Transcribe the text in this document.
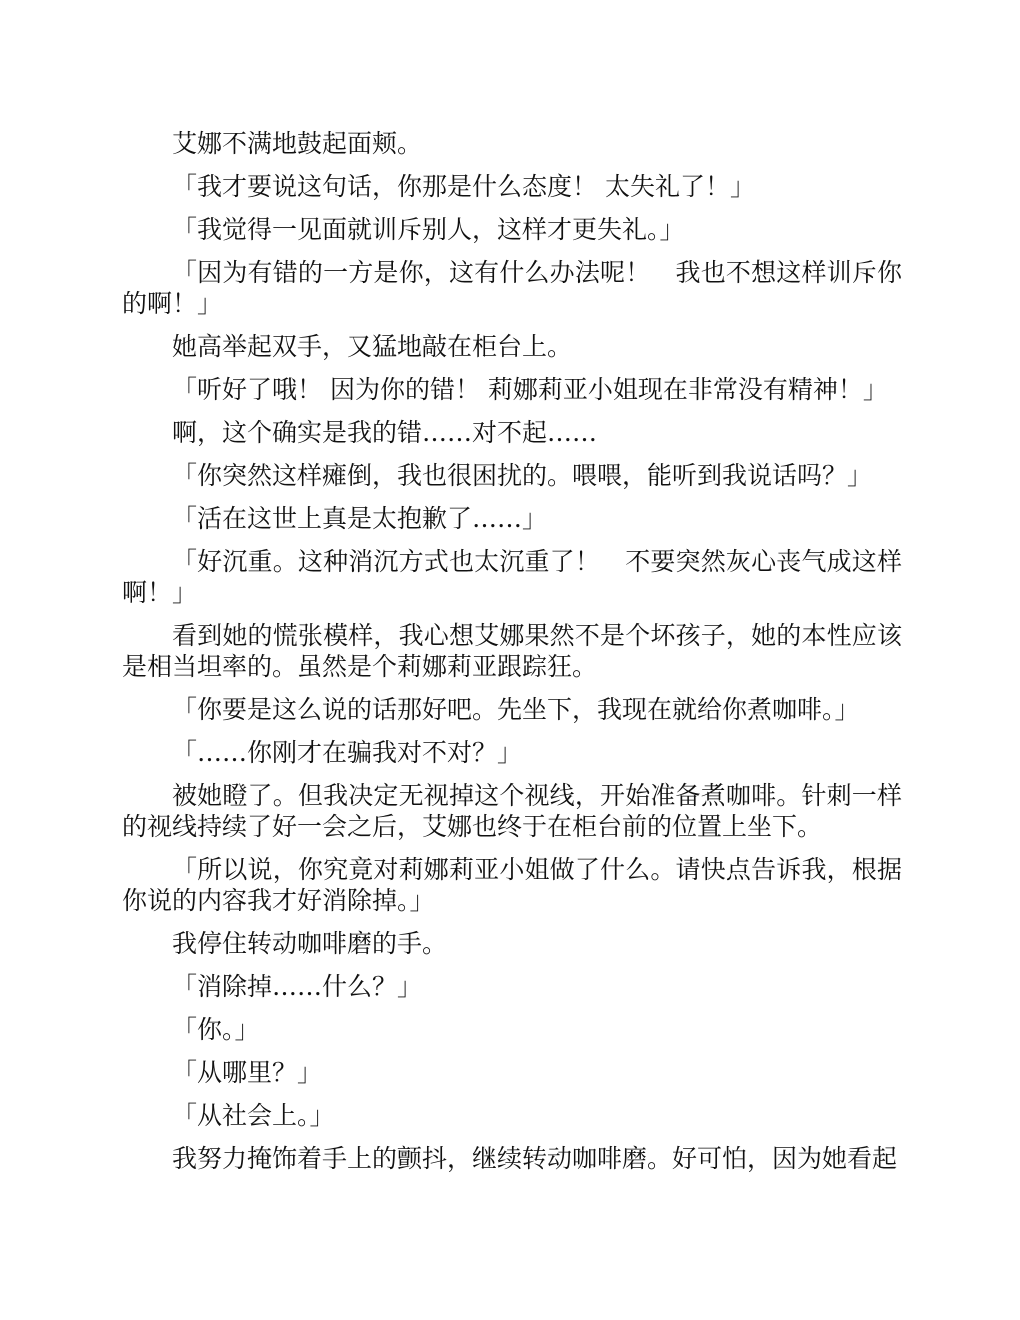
艾娜不满地鼓起面颊。

「我才要说这句话，你那是什么态度！ 太失礼了！」

「我觉得一见面就训斥别人，这样才更失礼。」

「因为有错的一方是你，这有什么办法呢！　我也不想这样训斥你的啊！」

她高举起双手，又猛地敲在柜台上。

「听好了哦！ 因为你的错！ 莉娜莉亚小姐现在非常没有精神！」

啊，这个确实是我的错……对不起……

「你突然这样瘫倒，我也很困扰的。喂喂，能听到我说话吗？」

「活在这世上真是太抱歉了……」

「好沉重。这种消沉方式也太沉重了！　不要突然灰心丧气成这样啊！」

看到她的慌张模样，我心想艾娜果然不是个坏孩子，她的本性应该是相当坦率的。虽然是个莉娜莉亚跟踪狂。

「你要是这么说的话那好吧。先坐下，我现在就给你煮咖啡。」

「……你刚才在骗我对不对？」

被她瞪了。但我决定无视掉这个视线，开始准备煮咖啡。针刺一样的视线持续了好一会之后，艾娜也终于在柜台前的位置上坐下。

「所以说，你究竟对莉娜莉亚小姐做了什么。请快点告诉我，根据你说的内容我才好消除掉。」

我停住转动咖啡磨的手。

「消除掉……什么？」

「你。」

「从哪里？」

「从社会上。」

我努力掩饰着手上的颤抖，继续转动咖啡磨。好可怕，因为她看起
